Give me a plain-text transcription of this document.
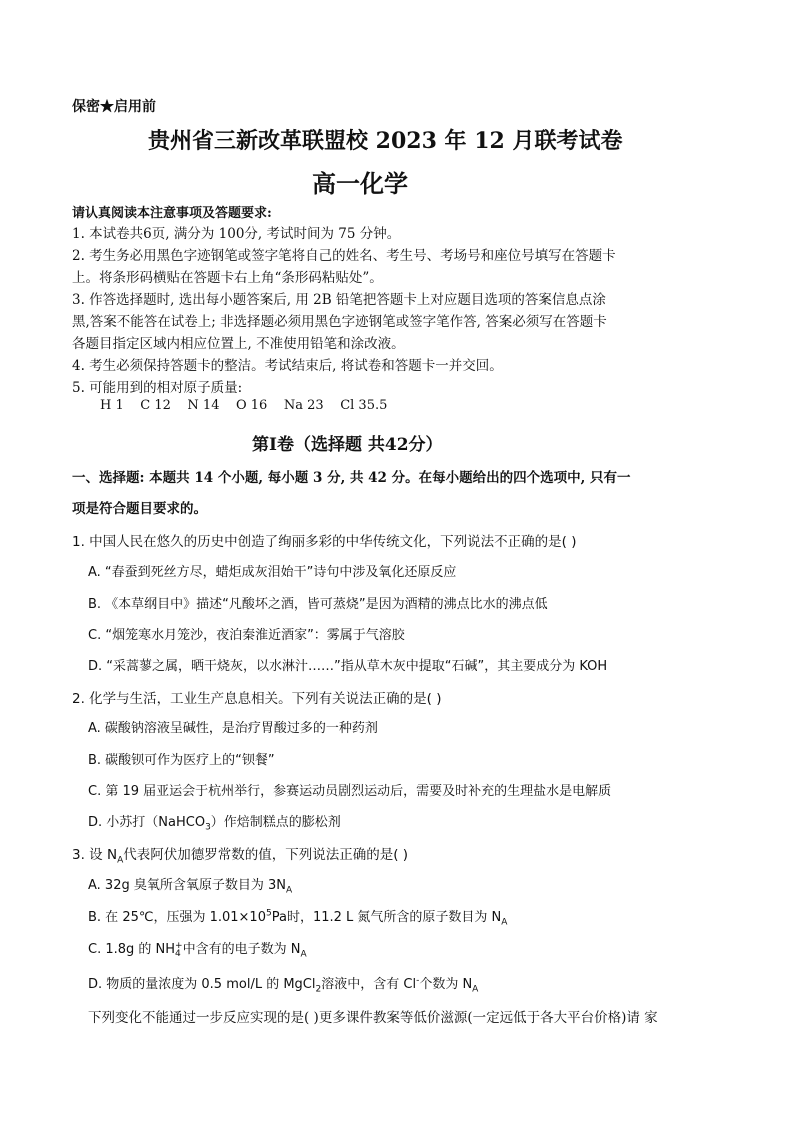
保密★启用前
贵州省三新改革联盟校 2023 年 12 月联考试卷
高一化学
请认真阅读本注意事项及答题要求:
1. 本试卷共6页, 满分为 100分, 考试时间为 75 分钟。
2. 考生务必用黑色字迹钢笔或签字笔将自己的姓名、考生号、考场号和座位号填写在答题卡
上。将条形码横贴在答题卡右上角“条形码粘贴处”。
3. 作答选择题时, 选出每小题答案后, 用 2B 铅笔把答题卡上对应题目选项的答案信息点涂
黑,答案不能答在试卷上; 非选择题必须用黑色字迹钢笔或签字笔作答, 答案必须写在答题卡
各题目指定区域内相应位置上, 不准使用铅笔和涂改液。
4. 考生必须保持答题卡的整洁。考试结束后, 将试卷和答题卡一并交回。
5. 可能用到的相对原子质量:
H 1    C 12    N 14    O 16    Na 23    Cl 35.5
第Ⅰ卷（选择题 共42分）
一、选择题: 本题共 14 个小题, 每小题 3 分, 共 42 分。在每小题给出的四个选项中, 只有一
项是符合题目要求的。
1. 中国人民在悠久的历史中创造了绚丽多彩的中华传统文化，下列说法不正确的是( )
A. “春蚕到死丝方尽，蜡炬成灰泪始干”诗句中涉及氧化还原反应
B. 《本草纲目中》描述“凡酸坏之酒，皆可蒸烧”是因为酒精的沸点比水的沸点低
C. “烟笼寒水月笼沙，夜泊秦淮近酒家”：雾属于气溶胶
D. “采蒿蓼之属，晒干烧灰，以水淋汁……”指从草木灰中提取“石碱”，其主要成分为 KOH
2. 化学与生活，工业生产息息相关。下列有关说法正确的是( )
A. 碳酸钠溶液呈碱性，是治疗胃酸过多的一种药剂
B. 碳酸钡可作为医疗上的“钡餐”
C. 第 19 届亚运会于杭州举行，参赛运动员剧烈运动后，需要及时补充的生理盐水是电解质
D. 小苏打（NaHCO$_3$）作焙制糕点的膨松剂
3. 设 $N_A$代表阿伏加德罗常数的值，下列说法正确的是( )
A. 32g 臭氧所含氧原子数目为 $3N_A$
B. 在 25℃，压强为 $1.01\times 10^5Pa$时，11.2 L 氮气所含的原子数目为 $N_A$
C. 1.8g 的 NH +
4 中含有的电子数为 $N_A$
D. 物质的量浓度为 0.5 mol/L 的 MgCl$_2$溶液中，含有 Cl-个数为 $N_A$
下列变化不能通过一步反应实现的是( )更多课件教案等低价滋源(一定远低于各大平台价格)请 家
